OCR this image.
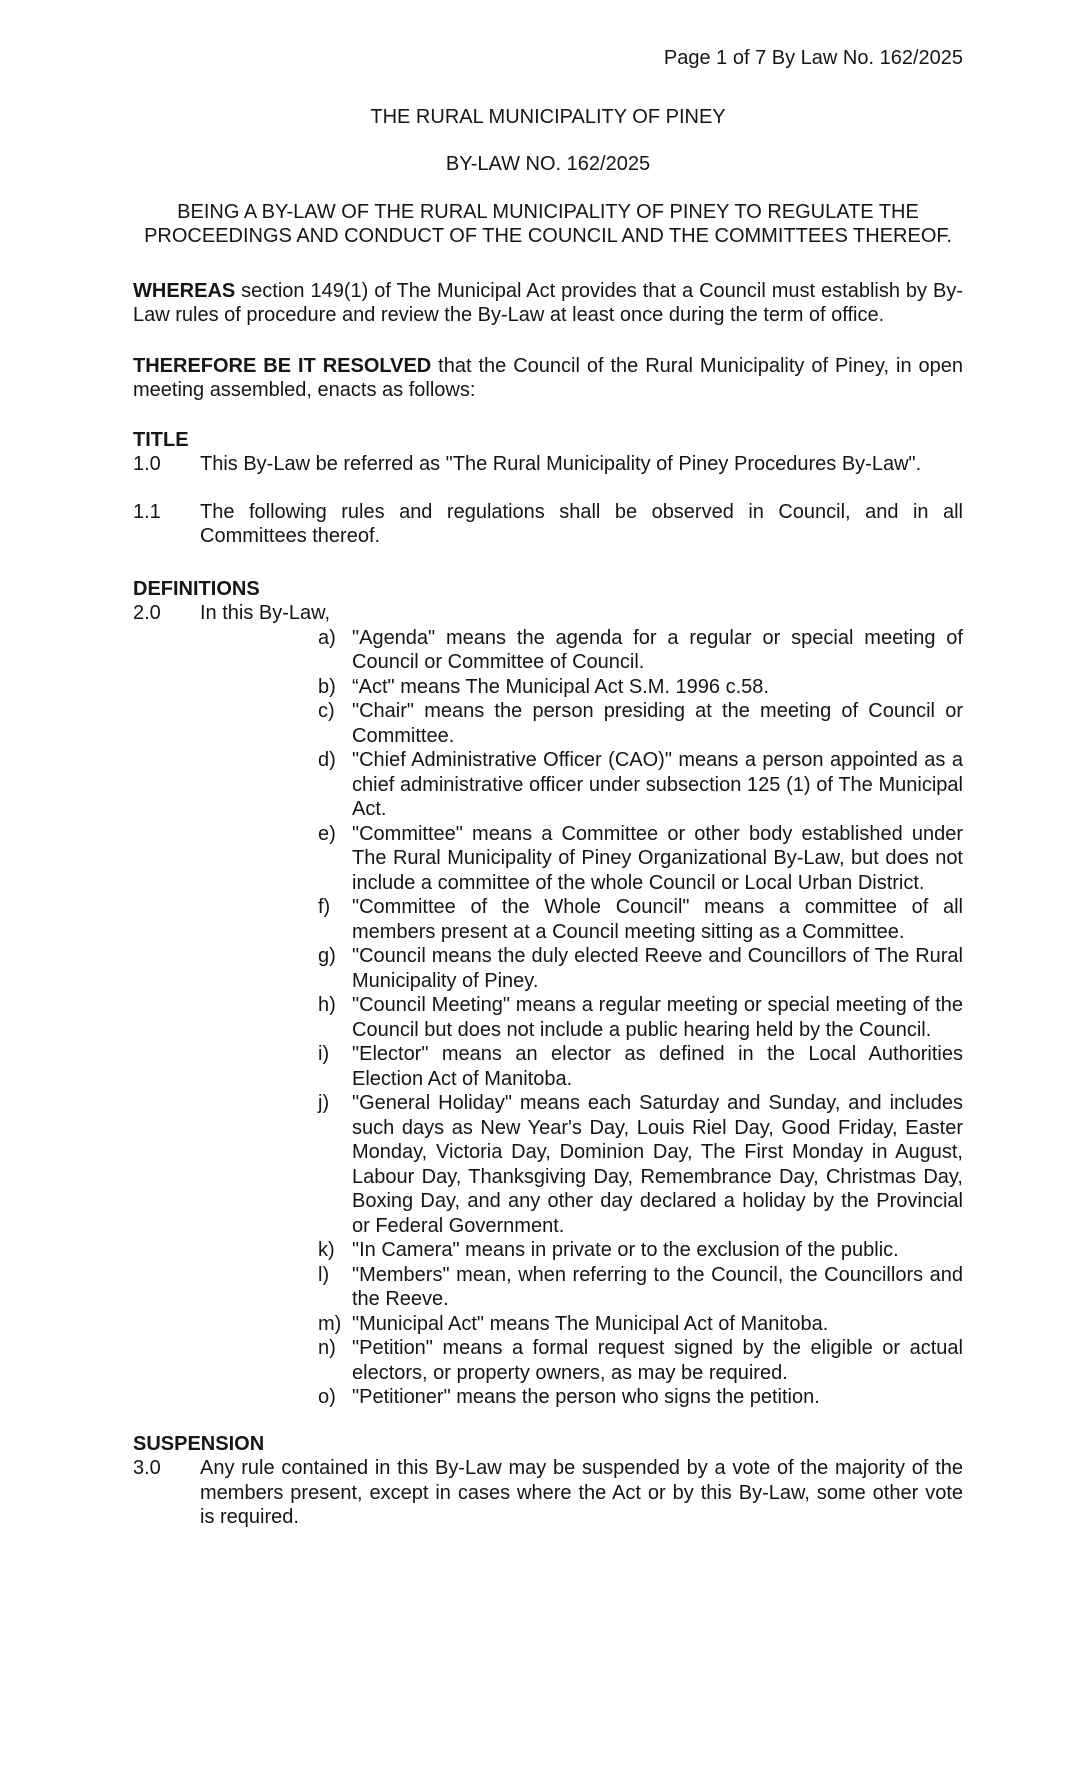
Page 1 of 7 By Law No. 162/2025
THE RURAL MUNICIPALITY OF PINEY
BY-LAW NO. 162/2025
BEING A BY-LAW OF THE RURAL MUNICIPALITY OF PINEY TO REGULATE THE PROCEEDINGS AND CONDUCT OF THE COUNCIL AND THE COMMITTEES THEREOF.
WHEREAS section 149(1) of The Municipal Act provides that a Council must establish by By-Law rules of procedure and review the By-Law at least once during the term of office.
THEREFORE BE IT RESOLVED that the Council of the Rural Municipality of Piney, in open meeting assembled, enacts as follows:
TITLE
1.0	This By-Law be referred as "The Rural Municipality of Piney Procedures By-Law".
1.1	The following rules and regulations shall be observed in Council, and in all Committees thereof.
DEFINITIONS
2.0	In this By-Law,
a) "Agenda" means the agenda for a regular or special meeting of Council or Committee of Council.
b) “Act" means The Municipal Act S.M. 1996 c.58.
c) "Chair" means the person presiding at the meeting of Council or Committee.
d) "Chief Administrative Officer (CAO)" means a person appointed as a chief administrative officer under subsection 125 (1) of The Municipal Act.
e) "Committee" means a Committee or other body established under The Rural Municipality of Piney Organizational By-Law, but does not include a committee of the whole Council or Local Urban District.
f)	"Committee of the Whole Council" means a committee of all members present at a Council meeting sitting as a Committee.
g) "Council means the duly elected Reeve and Councillors of The Rural Municipality of Piney.
h) "Council Meeting" means a regular meeting or special meeting of the Council but does not include a public hearing held by the Council.
i)	"Elector" means an elector as defined in the Local Authorities Election Act of Manitoba.
j)	"General Holiday" means each Saturday and Sunday, and includes such days as New Year's Day, Louis Riel Day, Good Friday, Easter Monday, Victoria Day, Dominion Day, The First Monday in August, Labour Day, Thanksgiving Day, Remembrance Day, Christmas Day, Boxing Day, and any other day declared a holiday by the Provincial or Federal Government.
k) "In Camera" means in private or to the exclusion of the public.
l)	"Members" mean, when referring to the Council, the Councillors and the Reeve.
m) "Municipal Act" means The Municipal Act of Manitoba.
n) "Petition" means a formal request signed by the eligible or actual electors, or property owners, as may be required.
o) "Petitioner" means the person who signs the petition.
SUSPENSION
3.0	Any rule contained in this By-Law may be suspended by a vote of the majority of the members present, except in cases where the Act or by this By-Law, some other vote is required.
